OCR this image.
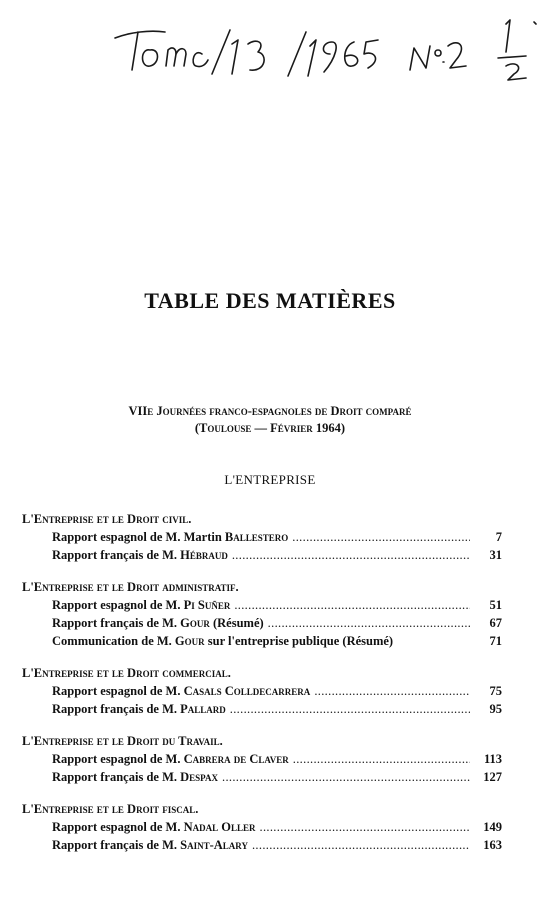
TABLE DES MATIÈRES
VIIe Journées franco-espagnoles de Droit comparé
(Toulouse — Février 1964)
L'ENTREPRISE
L'Entreprise et le Droit civil.
Rapport espagnol de M. Martin Ballestero . . .	7
Rapport français de M. Hébraud . . .	31
L'Entreprise et le Droit administratif.
Rapport espagnol de M. Pi Suñer . . .	51
Rapport français de M. Gour (Résumé) . . .	67
Communication de M. Gour sur l'entreprise publique (Résumé)	71
L'Entreprise et le Droit commercial.
Rapport espagnol de M. Casals Colldecarrera . . .	75
Rapport français de M. Pallard . . .	95
L'Entreprise et le Droit du Travail.
Rapport espagnol de M. Cabrera de Claver . . .	113
Rapport français de M. Despax . . .	127
L'Entreprise et le Droit fiscal.
Rapport espagnol de M. Nadal Oller . . .	149
Rapport français de M. Saint-Alary . . .	163
